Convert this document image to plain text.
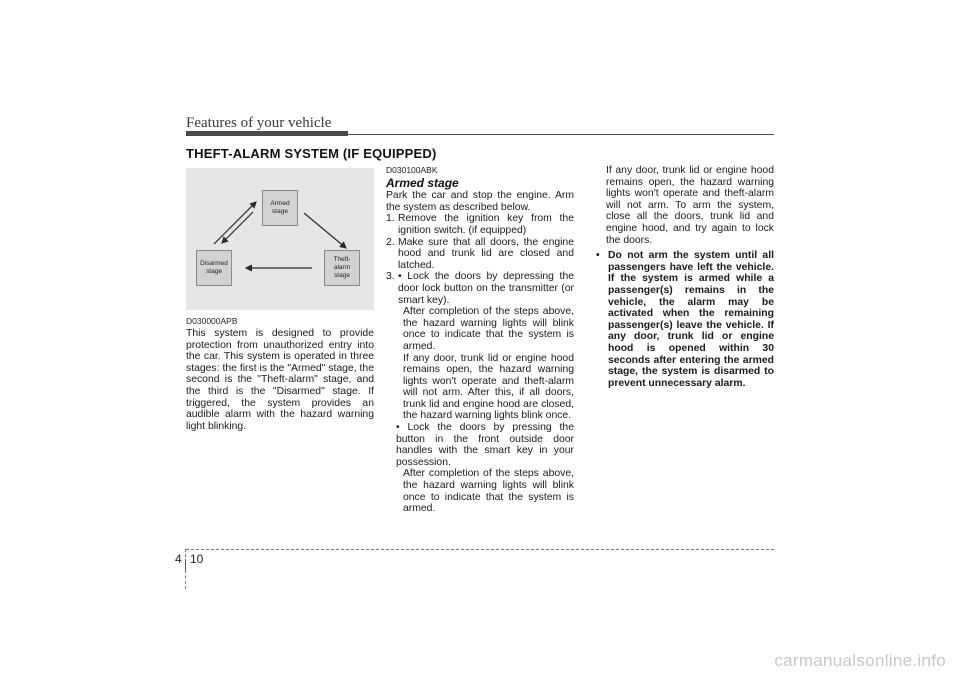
Features of your vehicle
THEFT-ALARM SYSTEM (IF EQUIPPED)
Armed stage
Disarmed stage
Theft-alarm stage
D030000APB
This system is designed to provide protection from unauthorized entry into the car. This system is operated in three stages: the first is the "Armed" stage, the second is the "Theft-alarm" stage, and the third is the "Disarmed" stage. If triggered, the system provides an audible alarm with the hazard warning light blinking.
D030100ABK
Armed stage
Park the car and stop the engine. Arm the system as described below.
1. Remove the ignition key from the ignition switch. (if equipped)
2. Make sure that all doors, the engine hood and trunk lid are closed and latched.
3. • Lock the doors by depressing the door lock button on the transmitter (or smart key).
After completion of the steps above, the hazard warning lights will blink once to indicate that the system is armed.
If any door, trunk lid or engine hood remains open, the hazard warning lights won't operate and theft-alarm will not arm. After this, if all doors, trunk lid and engine hood are closed, the hazard warning lights blink once.
• Lock the doors by pressing the button in the front outside door handles with the smart key in your possession.
After completion of the steps above, the hazard warning lights will blink once to indicate that the system is armed.
If any door, trunk lid or engine hood remains open, the hazard warning lights won't operate and theft-alarm will not arm. To arm the system, close all the doors, trunk lid and engine hood, and try again to lock the doors.
• Do not arm the system until all passengers have left the vehicle. If the system is armed while a passenger(s) remains in the vehicle, the alarm may be activated when the remaining passenger(s) leave the vehicle. If any door, trunk lid or engine hood is opened within 30 seconds after entering the armed stage, the system is disarmed to prevent unnecessary alarm.
4 10
carmanualsonline.info
